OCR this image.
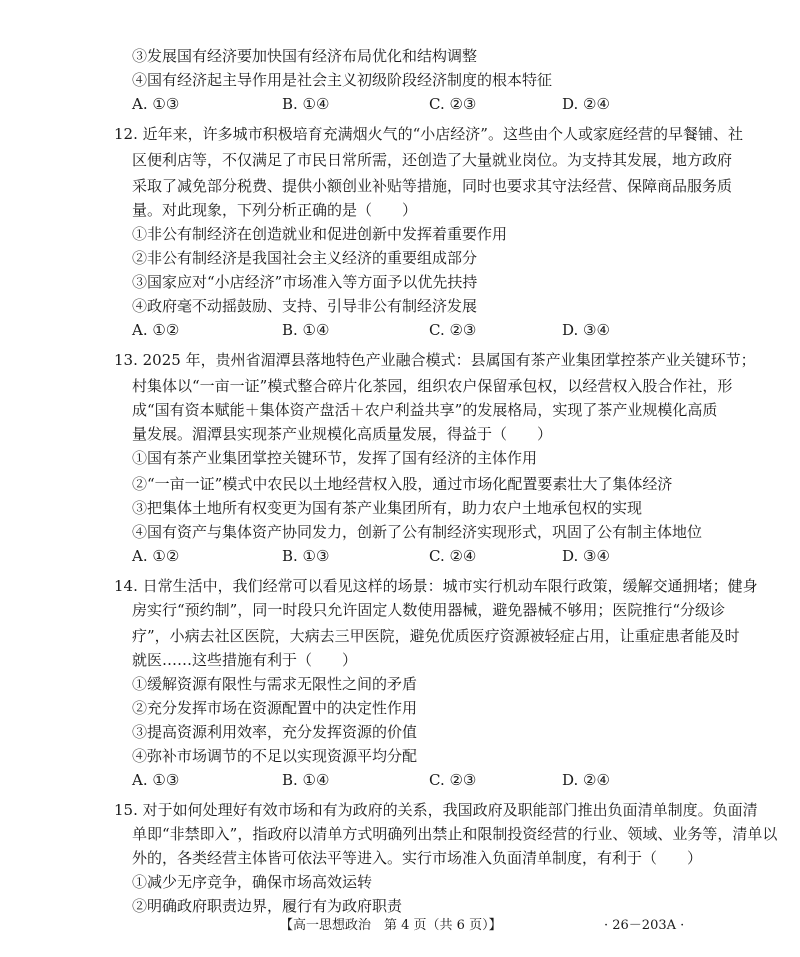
③发展国有经济要加快国有经济布局优化和结构调整
④国有经济起主导作用是社会主义初级阶段经济制度的根本特征
A. ①③	B. ①④	C. ②③	D. ②④
12. 近年来，许多城市积极培育充满烟火气的“小店经济”。这些由个人或家庭经营的早餐铺、社
区便利店等，不仅满足了市民日常所需，还创造了大量就业岗位。为支持其发展，地方政府
采取了减免部分税费、提供小额创业补贴等措施，同时也要求其守法经营、保障商品服务质
量。对此现象，下列分析正确的是（　　）
①非公有制经济在创造就业和促进创新中发挥着重要作用
②非公有制经济是我国社会主义经济的重要组成部分
③国家应对“小店经济”市场准入等方面予以优先扶持
④政府毫不动摇鼓励、支持、引导非公有制经济发展
A. ①②	B. ①④	C. ②③	D. ③④
13. 2025 年，贵州省湄潭县落地特色产业融合模式：县属国有茶产业集团掌控茶产业关键环节；
村集体以“一亩一证”模式整合碎片化茶园，组织农户保留承包权，以经营权入股合作社，形
成“国有资本赋能＋集体资产盘活＋农户利益共享”的发展格局，实现了茶产业规模化高质
量发展。湄潭县实现茶产业规模化高质量发展，得益于（　　）
①国有茶产业集团掌控关键环节，发挥了国有经济的主体作用
②“一亩一证”模式中农民以土地经营权入股，通过市场化配置要素壮大了集体经济
③把集体土地所有权变更为国有茶产业集团所有，助力农户土地承包权的实现
④国有资产与集体资产协同发力，创新了公有制经济实现形式，巩固了公有制主体地位
A. ①②	B. ①③	C. ②④	D. ③④
14. 日常生活中，我们经常可以看见这样的场景：城市实行机动车限行政策，缓解交通拥堵；健身
房实行“预约制”，同一时段只允许固定人数使用器械，避免器械不够用；医院推行“分级诊
疗”，小病去社区医院，大病去三甲医院，避免优质医疗资源被轻症占用，让重症患者能及时
就医……这些措施有利于（　　）
①缓解资源有限性与需求无限性之间的矛盾
②充分发挥市场在资源配置中的决定性作用
③提高资源利用效率，充分发挥资源的价值
④弥补市场调节的不足以实现资源平均分配
A. ①③	B. ①④	C. ②③	D. ②④
15. 对于如何处理好有效市场和有为政府的关系，我国政府及职能部门推出负面清单制度。负面清
单即“非禁即入”，指政府以清单方式明确列出禁止和限制投资经营的行业、领域、业务等，清单以
外的，各类经营主体皆可依法平等进入。实行市场准入负面清单制度，有利于（　　）
①减少无序竞争，确保市场高效运转
②明确政府职责边界，履行有为政府职责
【高一思想政治　第 4 页（共 6 页）】	· 26－203A ·
